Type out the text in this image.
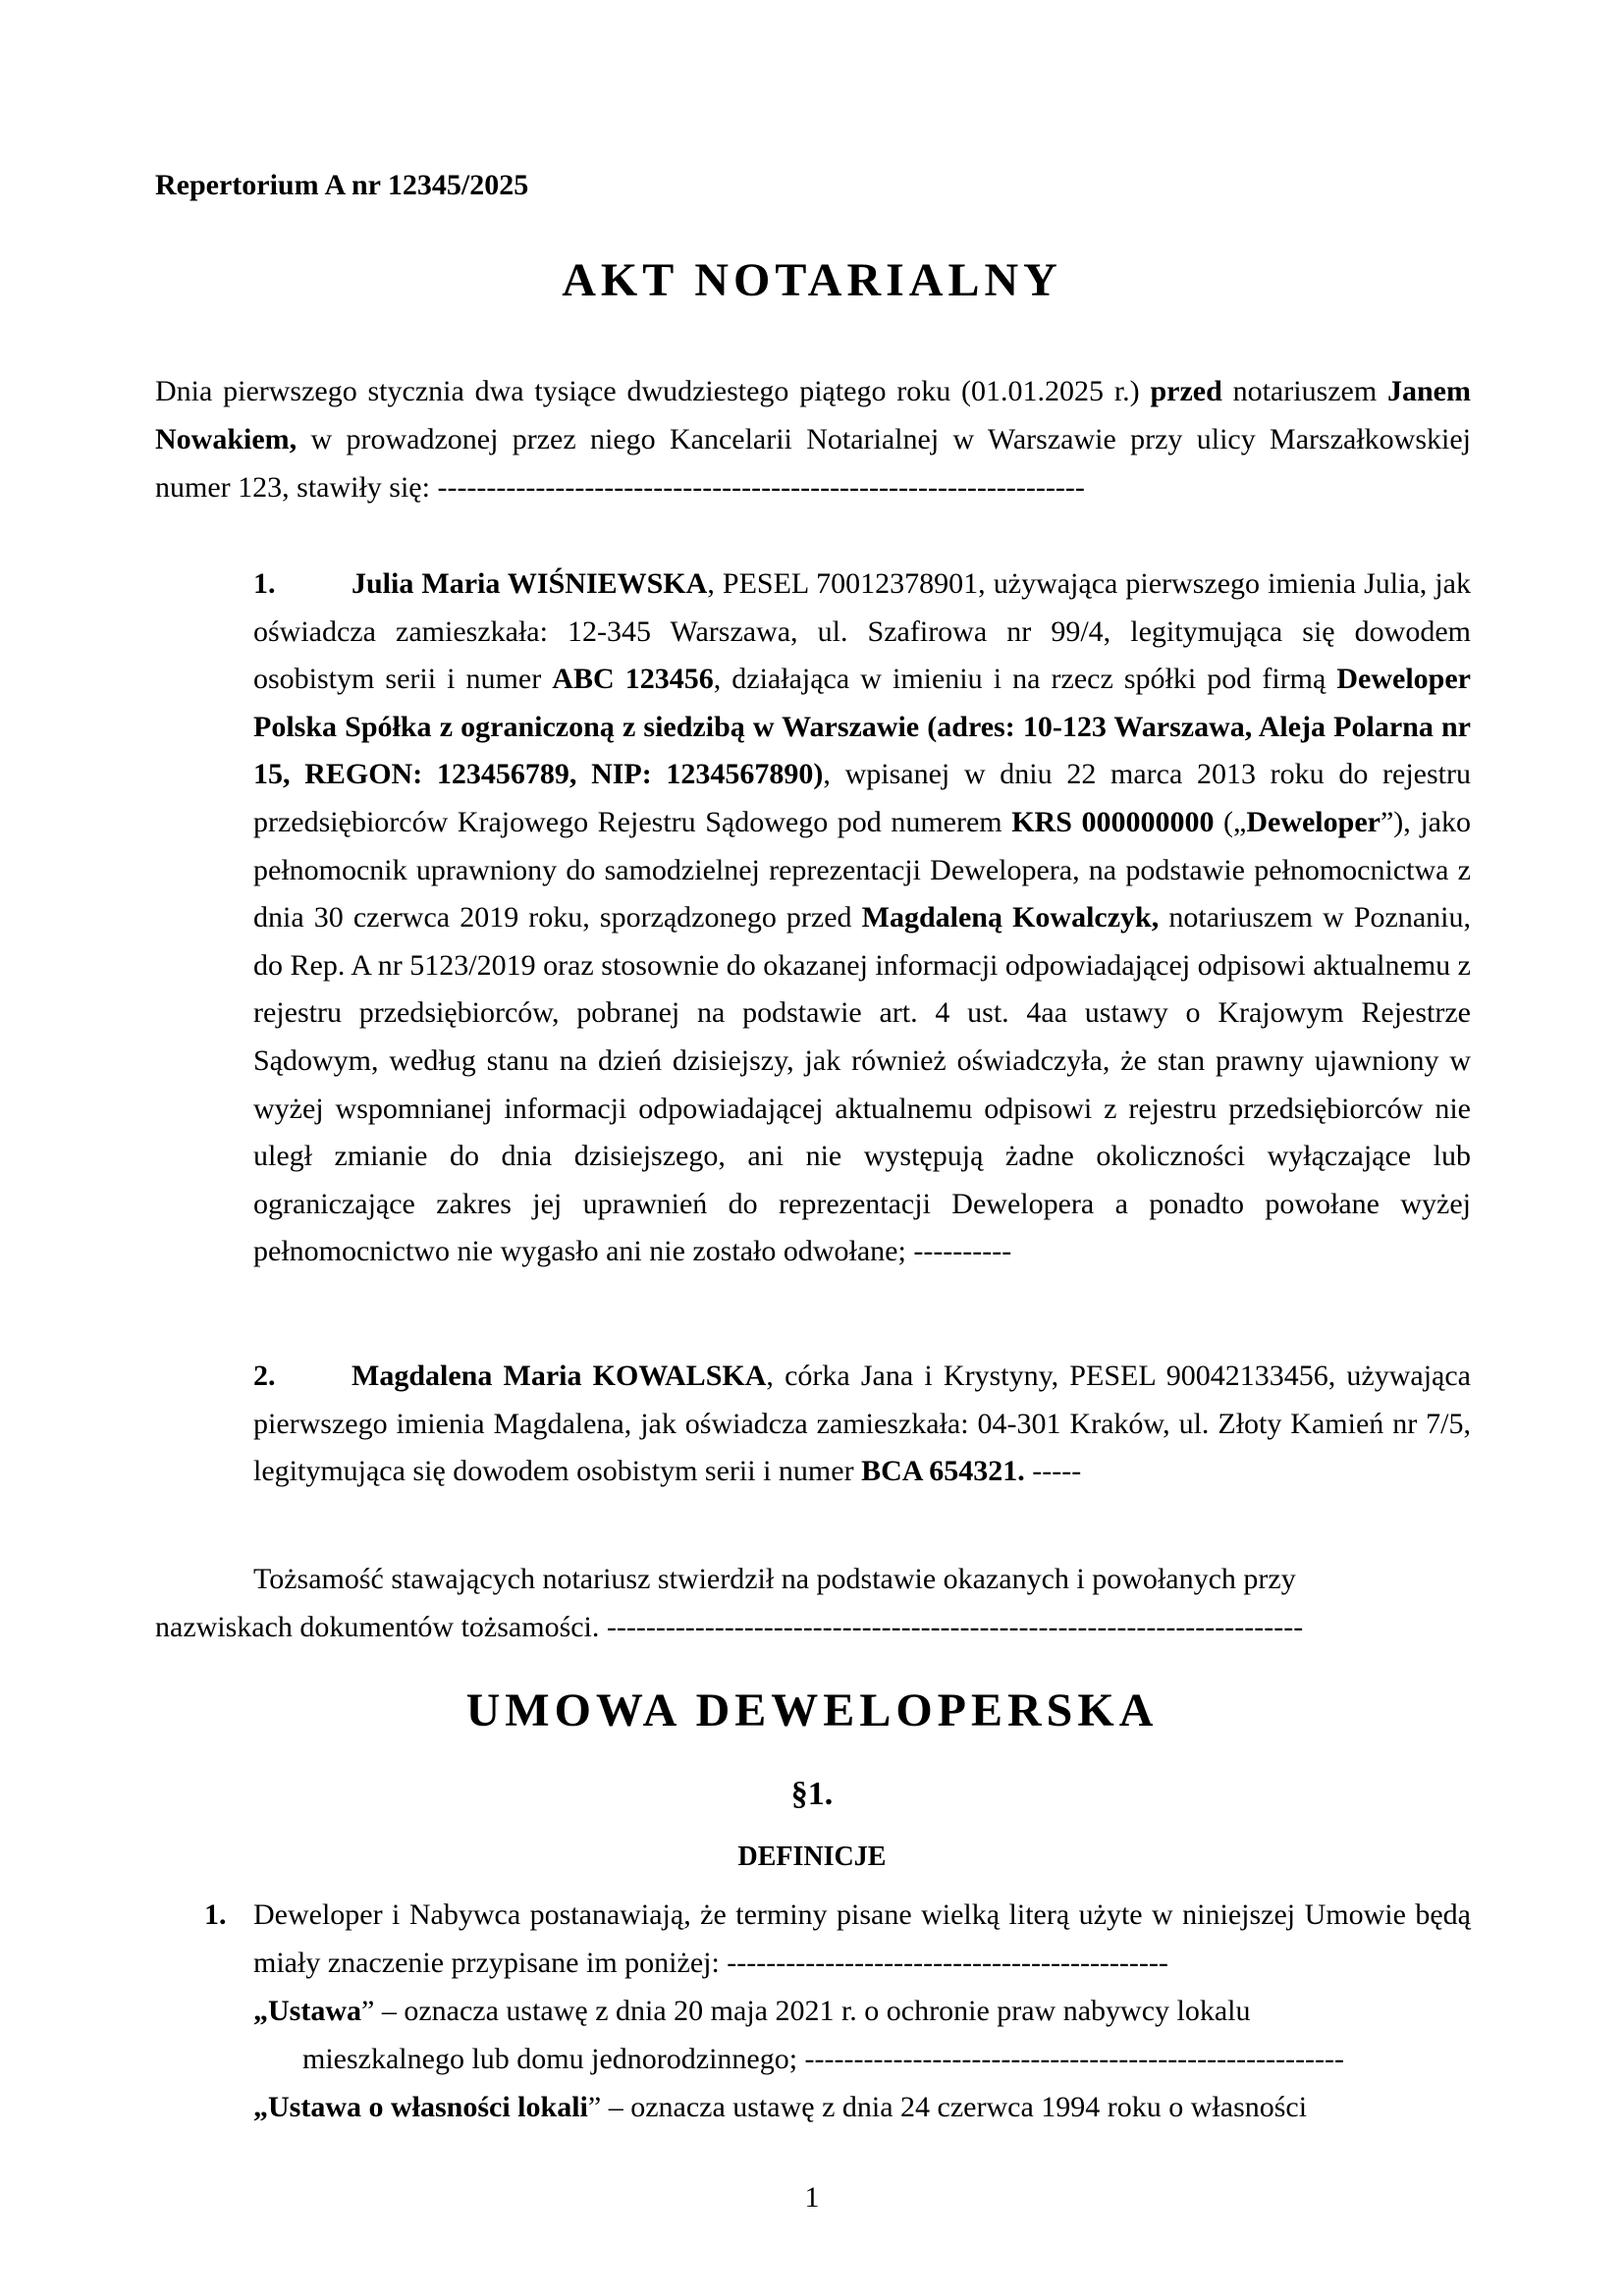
Repertorium A nr 12345/2025
AKT NOTARIALNY
Dnia pierwszego stycznia dwa tysiące dwudziestego piątego roku (01.01.2025 r.) przed notariuszem Janem Nowakiem, w prowadzonej przez niego Kancelarii Notarialnej w Warszawie przy ulicy Marszałkowskiej numer 123, stawiły się: ------------------------------------------------------------------
1.	Julia Maria WIŚNIEWSKA, PESEL 70012378901, używająca pierwszego imienia Julia, jak oświadcza zamieszkała: 12-345 Warszawa, ul. Szafirowa nr 99/4, legitymująca się dowodem osobistym serii i numer ABC 123456, działająca w imieniu i na rzecz spółki pod firmą Deweloper Polska Spółka z ograniczoną z siedzibą w Warszawie (adres: 10-123 Warszawa, Aleja Polarna nr 15, REGON: 123456789, NIP: 1234567890), wpisanej w dniu 22 marca 2013 roku do rejestru przedsiębiorców Krajowego Rejestru Sądowego pod numerem KRS 000000000 („Deweloper”), jako pełnomocnik uprawniony do samodzielnej reprezentacji Dewelopera, na podstawie pełnomocnictwa z dnia 30 czerwca 2019 roku, sporządzonego przed Magdaleną Kowalczyk, notariuszem w Poznaniu, do Rep. A nr 5123/2019 oraz stosownie do okazanej informacji odpowiadającej odpisowi aktualnemu z rejestru przedsiębiorców, pobranej na podstawie art. 4 ust. 4aa ustawy o Krajowym Rejestrze Sądowym, według stanu na dzień dzisiejszy, jak również oświadczyła, że stan prawny ujawniony w wyżej wspomnianej informacji odpowiadającej aktualnemu odpisowi z rejestru przedsiębiorców nie uległ zmianie do dnia dzisiejszego, ani nie występują żadne okoliczności wyłączające lub ograniczające zakres jej uprawnień do reprezentacji Dewelopera a ponadto powołane wyżej pełnomocnictwo nie wygasło ani nie zostało odwołane; ----------
2.	Magdalena Maria KOWALSKA, córka Jana i Krystyny, PESEL 90042133456, używająca pierwszego imienia Magdalena, jak oświadcza zamieszkała: 04-301 Kraków, ul. Złoty Kamień nr 7/5, legitymująca się dowodem osobistym serii i numer BCA 654321. -----
Tożsamość stawających notariusz stwierdził na podstawie okazanych i powołanych przy
nazwiskach dokumentów tożsamości. -----------------------------------------------------------------------
UMOWA DEWELOPERSKA
§1.
DEFINICJE
1. Deweloper i Nabywca postanawiają, że terminy pisane wielką literą użyte w niniejszej Umowie będą miały znaczenie przypisane im poniżej: ---------------------------------------------
„Ustawa” – oznacza ustawę z dnia 20 maja 2021 r. o ochronie praw nabywcy lokalu
mieszkalnego lub domu jednorodzinnego; -------------------------------------------------------
„Ustawa o własności lokali” – oznacza ustawę z dnia 24 czerwca 1994 roku o własności
1
